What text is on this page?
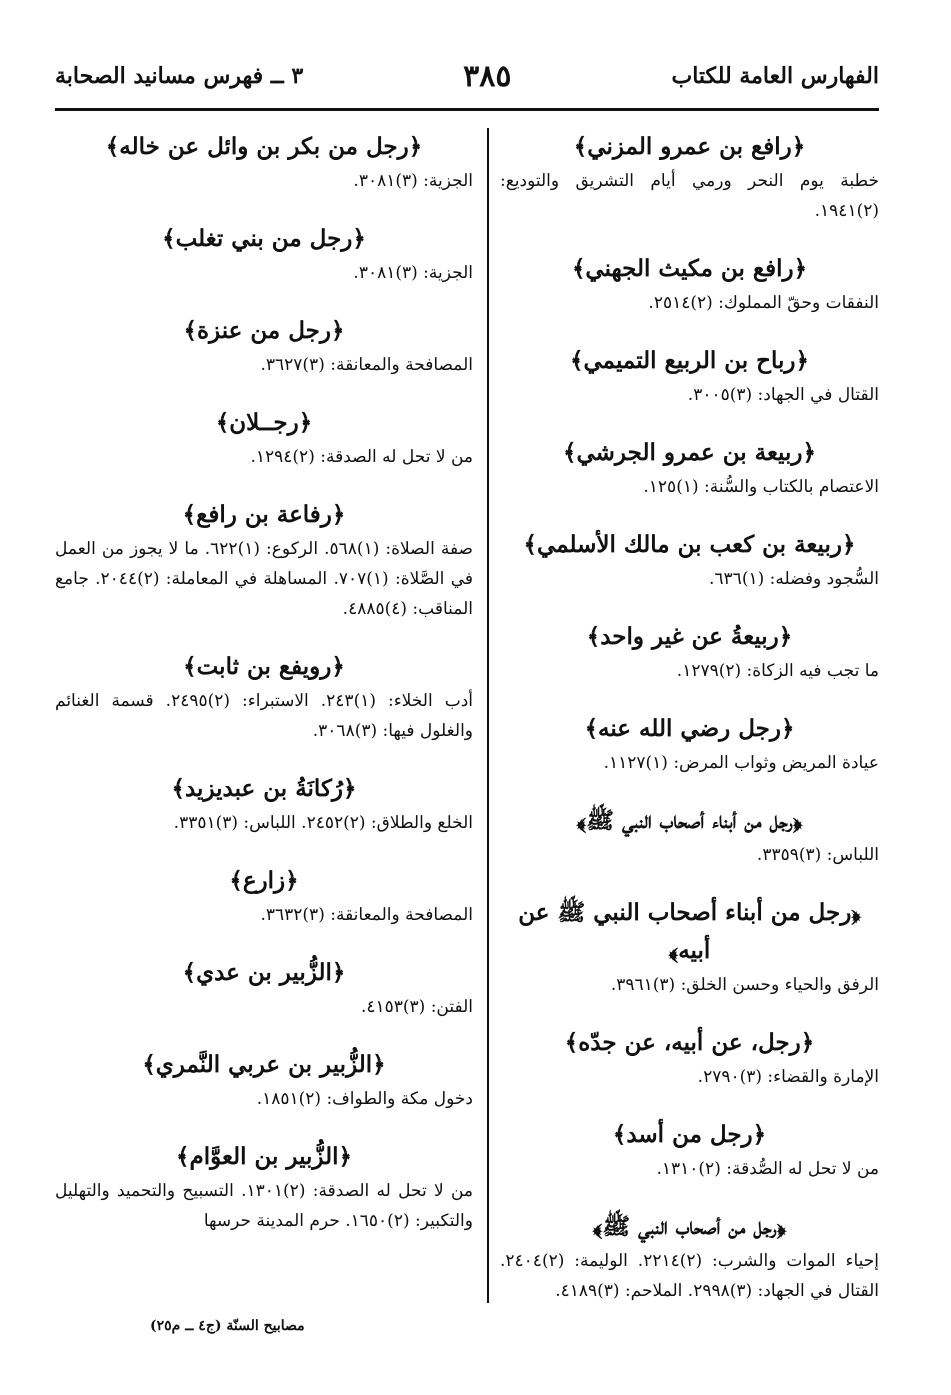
الفهارس العامة للكتاب
٣٨٥
٣ ــ فهرس مسانيد الصحابة
﴿رافع بن عمرو المزني﴾
خطبة يوم النحر ورمي أيام التشريق والتوديع: (٢)١٩٤١.
﴿رافع بن مكيث الجهني﴾
النفقات وحقّ المملوك: (٢)٢٥١٤.
﴿رباح بن الربيع التميمي﴾
القتال في الجهاد: (٣)٣٠٠٥.
﴿ربيعة بن عمرو الجرشي﴾
الاعتصام بالكتاب والسُّنة: (١)١٢٥.
﴿ربيعة بن كعب بن مالك الأسلمي﴾
السُّجود وفضله: (١)٦٣٦.
﴿ربيعةُ عن غير واحد﴾
ما تجب فيه الزكاة: (٢)١٢٧٩.
﴿رجل رضي الله عنه﴾
عيادة المريض وثواب المرض: (١)١١٢٧.
﴿رجل من أبناء أصحاب النبي ﷺ﴾
اللباس: (٣)٣٣٥٩.
﴿رجل من أبناء أصحاب النبي ﷺ عن أبيه﴾
الرفق والحياء وحسن الخلق: (٣)٣٩٦١.
﴿رجل، عن أبيه، عن جدّه﴾
الإمارة والقضاء: (٣)٢٧٩٠.
﴿رجل من أسد﴾
من لا تحل له الصُّدقة: (٢)١٣١٠.
﴿رجل من أصحاب النبي ﷺ﴾
إحياء الموات والشرب: (٢)٢٢١٤. الوليمة: (٢)٢٤٠٤. القتال في الجهاد: (٣)٢٩٩٨. الملاحم: (٣)٤١٨٩.
﴿رجل من بكر بن وائل عن خاله﴾
الجزية: (٣)٣٠٨١.
﴿رجل من بني تغلب﴾
الجزية: (٣)٣٠٨١.
﴿رجل من عنزة﴾
المصافحة والمعانقة: (٣)٣٦٢٧.
﴿رجــلان﴾
من لا تحل له الصدقة: (٢)١٢٩٤.
﴿رفاعة بن رافع﴾
صفة الصلاة: (١)٥٦٨. الركوع: (١)٦٢٢. ما لا يجوز من العمل في الصَّلاة: (١)٧٠٧. المساهلة في المعاملة: (٢)٢٠٤٤. جامع المناقب: (٤)٤٨٨٥.
﴿رويفع بن ثابت﴾
أدب الخلاء: (١)٢٤٣. الاستبراء: (٢)٢٤٩٥. قسمة الغنائم والغلول فيها: (٣)٣٠٦٨.
﴿رُكانَةُ بن عبديزيد﴾
الخلع والطلاق: (٢)٢٤٥٢. اللباس: (٣)٣٣٥١.
﴿زارع﴾
المصافحة والمعانقة: (٣)٣٦٣٢.
﴿الزُّبير بن عدي﴾
الفتن: (٣)٤١٥٣.
﴿الزُّبير بن عربي النَّمري﴾
دخول مكة والطواف: (٢)١٨٥١.
﴿الزُّبير بن العوَّام﴾
من لا تحل له الصدقة: (٢)١٣٠١. التسبيح والتحميد والتهليل والتكبير: (٢)١٦٥٠. حرم المدينة حرسها
مصابيح السنّة (ج٤ ــ م٢٥)
